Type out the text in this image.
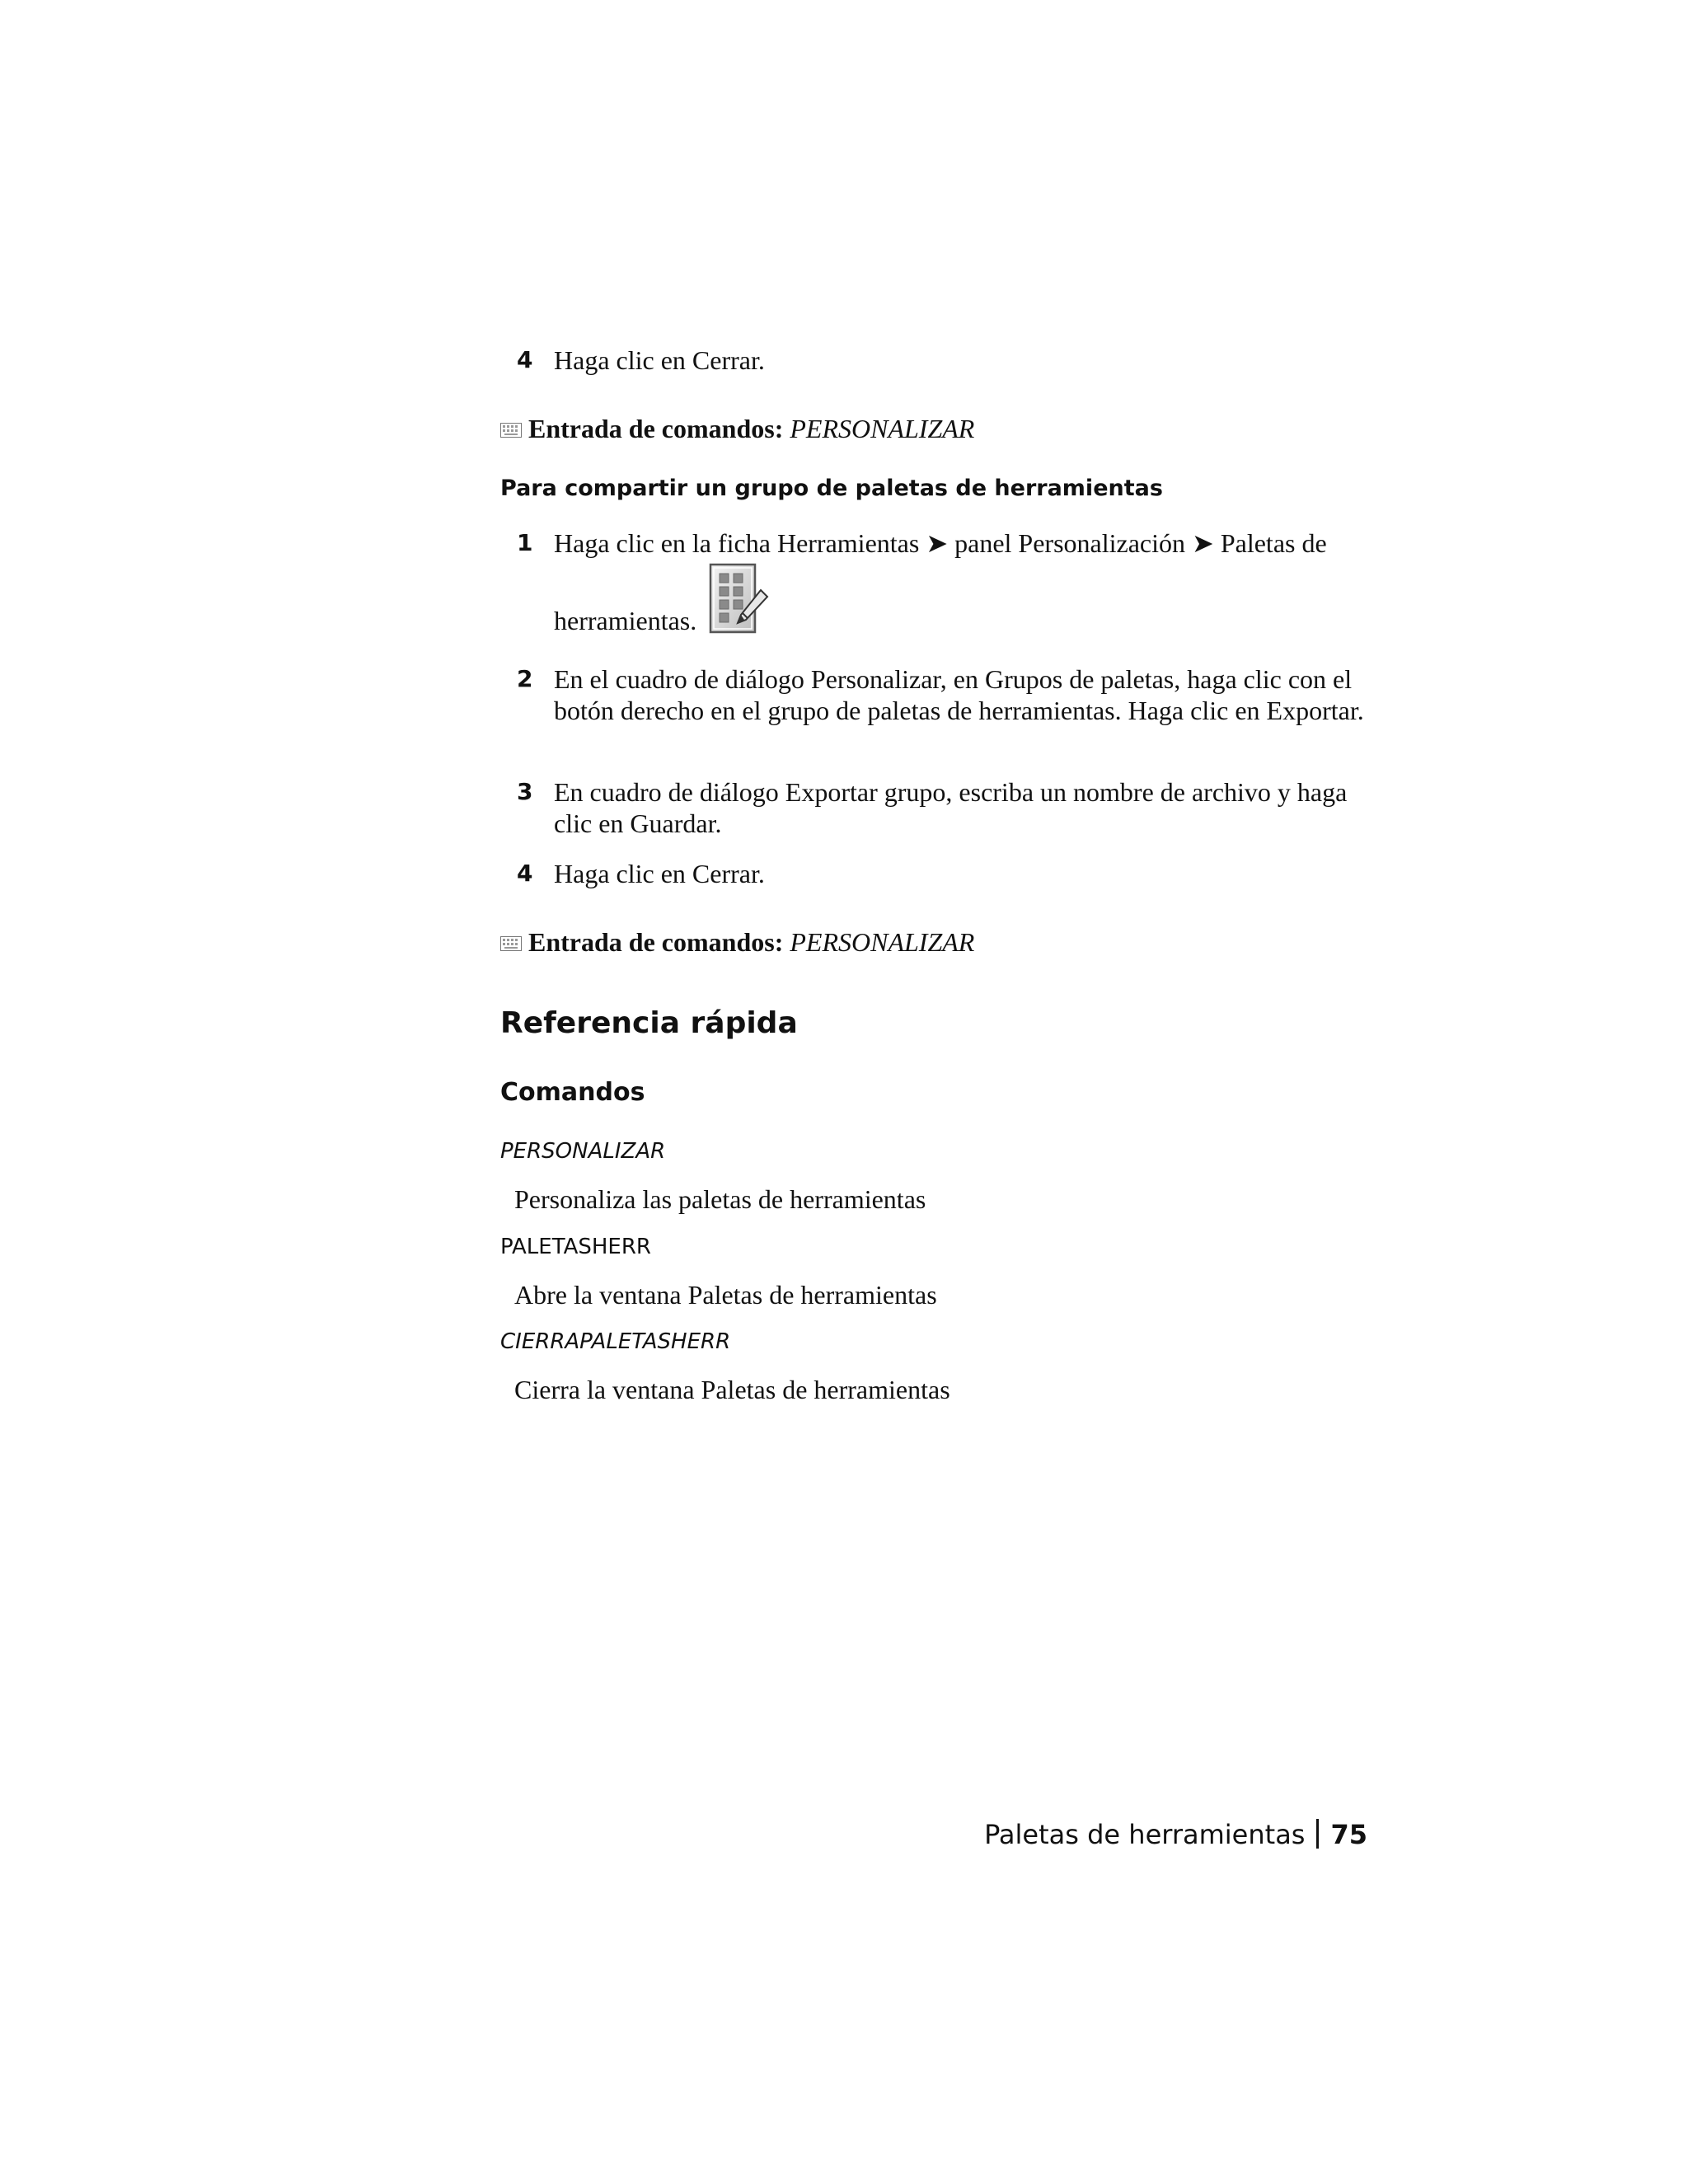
4 Haga clic en Cerrar.
Entrada de comandos: PERSONALIZAR
Para compartir un grupo de paletas de herramientas
1 Haga clic en la ficha Herramientas ➤ panel Personalización ➤ Paletas de
herramientas.
2 En el cuadro de diálogo Personalizar, en Grupos de paletas, haga clic con el botón derecho en el grupo de paletas de herramientas. Haga clic en Exportar.
3 En cuadro de diálogo Exportar grupo, escriba un nombre de archivo y haga clic en Guardar.
4 Haga clic en Cerrar.
Entrada de comandos: PERSONALIZAR
Referencia rápida
Comandos
PERSONALIZAR
Personaliza las paletas de herramientas
PALETASHERR
Abre la ventana Paletas de herramientas
CIERRAPALETASHERR
Cierra la ventana Paletas de herramientas
Paletas de herramientas 75
